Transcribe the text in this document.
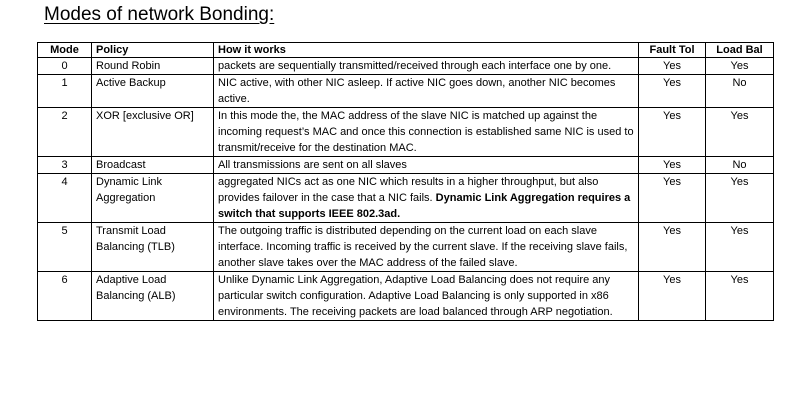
Modes of network Bonding:
Mode	Policy	How it works	Fault Tol	Load Bal
0	Round Robin	packets are sequentially transmitted/received through each interface one by one.	Yes	Yes
1	Active Backup	NIC active, with other NIC asleep. If active NIC goes down, another NIC becomes active.	Yes	No
2	XOR [exclusive OR]	In this mode the, the MAC address of the slave NIC is matched up against the incoming request’s MAC and once this connection is established same NIC is used to transmit/receive for the destination MAC.	Yes	Yes
3	Broadcast	All transmissions are sent on all slaves	Yes	No
4	Dynamic Link Aggregation	aggregated NICs act as one NIC which results in a higher throughput, but also provides failover in the case that a NIC fails. Dynamic Link Aggregation requires a switch that supports IEEE 802.3ad.	Yes	Yes
5	Transmit Load Balancing (TLB)	The outgoing traffic is distributed depending on the current load on each slave interface. Incoming traffic is received by the current slave. If the receiving slave fails, another slave takes over the MAC address of the failed slave.	Yes	Yes
6	Adaptive Load Balancing (ALB)	Unlike Dynamic Link Aggregation, Adaptive Load Balancing does not require any particular switch configuration. Adaptive Load Balancing is only supported in x86 environments. The receiving packets are load balanced through ARP negotiation.	Yes	Yes
